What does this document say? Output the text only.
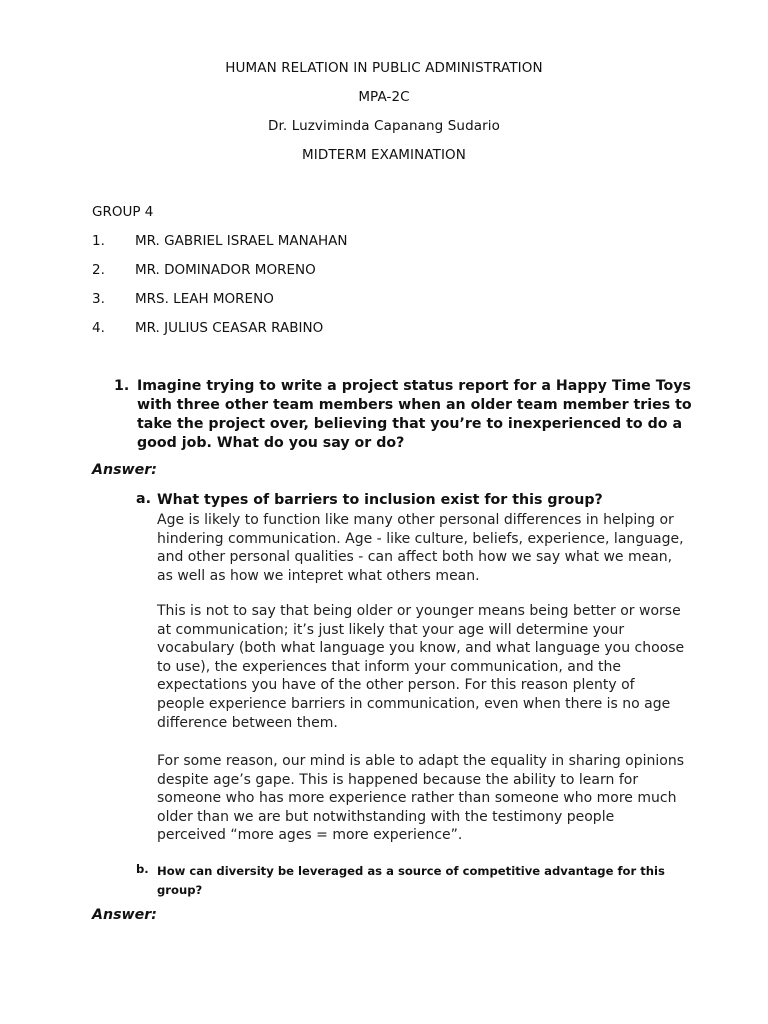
HUMAN RELATION IN PUBLIC ADMINISTRATION
MPA-2C
Dr. Luzviminda Capanang Sudario
MIDTERM EXAMINATION
GROUP 4
1. MR. GABRIEL ISRAEL MANAHAN
2. MR. DOMINADOR MORENO
3. MRS. LEAH MORENO
4. MR. JULIUS CEASAR RABINO
1. Imagine trying to write a project status report for a Happy Time Toys with three other team members when an older team member tries to take the project over, believing that you’re to inexperienced to do a good job. What do you say or do?
Answer:
a. What types of barriers to inclusion exist for this group?
Age is likely to function like many other personal differences in helping or hindering communication. Age - like culture, beliefs, experience, language, and other personal qualities - can affect both how we say what we mean, as well as how we intepret what others mean.
This is not to say that being older or younger means being better or worse at communication; it’s just likely that your age will determine your vocabulary (both what language you know, and what language you choose to use), the experiences that inform your communication, and the expectations you have of the other person. For this reason plenty of people experience barriers in communication, even when there is no age difference between them.
For some reason, our mind is able to adapt the equality in sharing opinions despite age’s gape. This is happened because the ability to learn for someone who has more experience rather than someone who more much older than we are but notwithstanding with the testimony people perceived “more ages = more experience”.
b. How can diversity be leveraged as a source of competitive advantage for this group?
Answer:
